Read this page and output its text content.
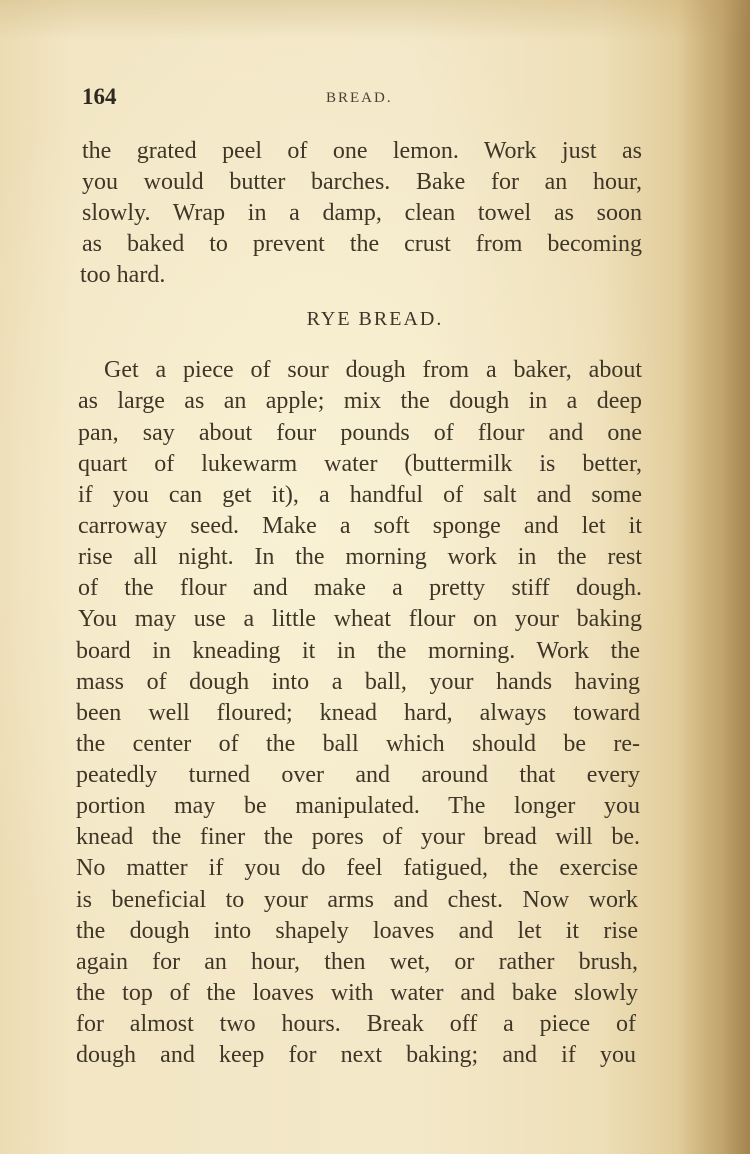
164	BREAD.
the grated peel of one lemon. Work just as
you would butter barches. Bake for an hour,
slowly. Wrap in a damp, clean towel as soon
as baked to prevent the crust from becoming
too hard.
RYE BREAD.
Get a piece of sour dough from a baker, about
as large as an apple; mix the dough in a deep
pan, say about four pounds of flour and one
quart of lukewarm water (buttermilk is better,
if you can get it), a handful of salt and some
carroway seed. Make a soft sponge and let it
rise all night. In the morning work in the rest
of the flour and make a pretty stiff dough.
You may use a little wheat flour on your baking
board in kneading it in the morning. Work the
mass of dough into a ball, your hands having
been well floured; knead hard, always toward
the center of the ball which should be re-
peatedly turned over and around that every
portion may be manipulated. The longer you
knead the finer the pores of your bread will be.
No matter if you do feel fatigued, the exercise
is beneficial to your arms and chest. Now work
the dough into shapely loaves and let it rise
again for an hour, then wet, or rather brush,
the top of the loaves with water and bake slowly
for almost two hours. Break off a piece of
dough and keep for next baking; and if you
